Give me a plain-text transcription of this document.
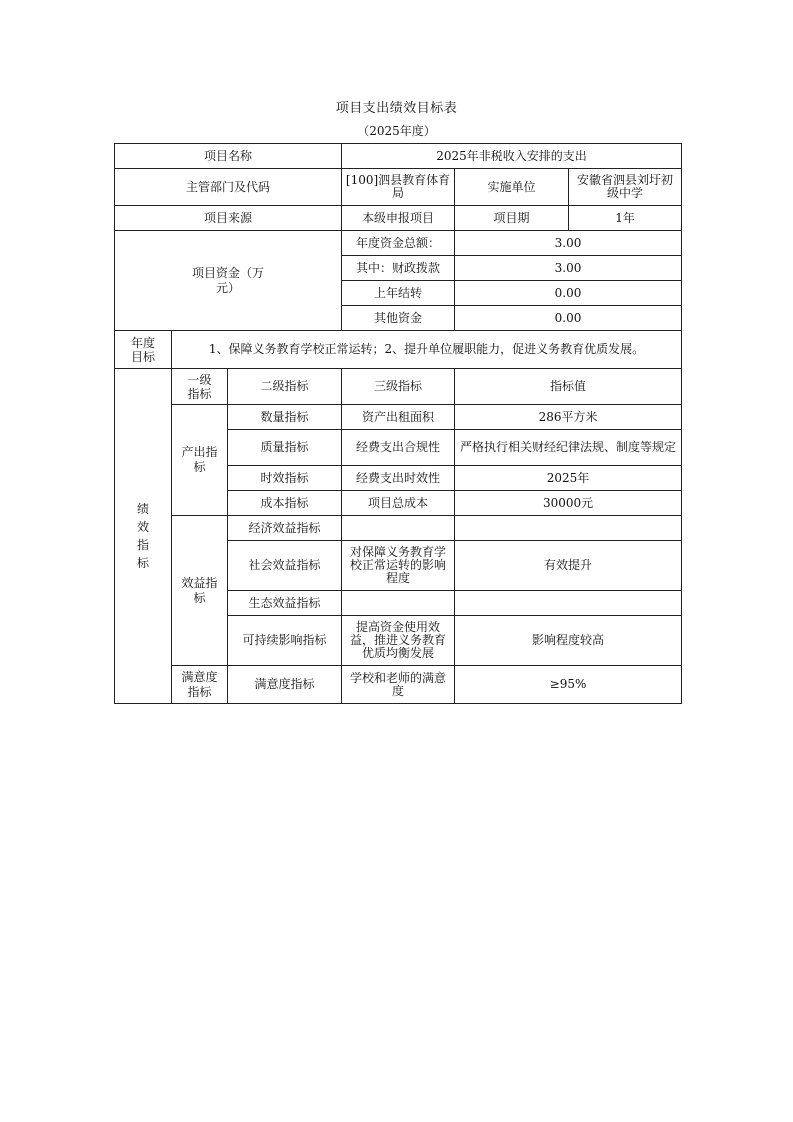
项目支出绩效目标表
（2025年度）
项目名称			2025年非税收入安排的支出		
主管部门及代码			[100]泗县教育体育局	实施单位	安徽省泗县刘圩初级中学
项目来源			本级申报项目	项目期	1年
项目资金（万元）			年度资金总额：	3.00	
			其中：财政拨款	3.00	
			上年结转	0.00	
			其他资金	0.00	
年度目标	1、保障义务教育学校正常运转；2、提升单位履职能力，促进义务教育优质发展。				
绩效指标	一级指标	二级指标	三级指标	指标值	
	产出指标	数量指标	资产出租面积	286平方米	
		质量指标	经费支出合规性	严格执行相关财经纪律法规、制度等规定	
		时效指标	经费支出时效性	2025年	
		成本指标	项目总成本	30000元	
	效益指标	经济效益指标			
		社会效益指标	对保障义务教育学校正常运转的影响程度	有效提升	
		生态效益指标			
		可持续影响指标	提高资金使用效益，推进义务教育优质均衡发展	影响程度较高	
	满意度指标	满意度指标	学校和老师的满意度	≥95%	
